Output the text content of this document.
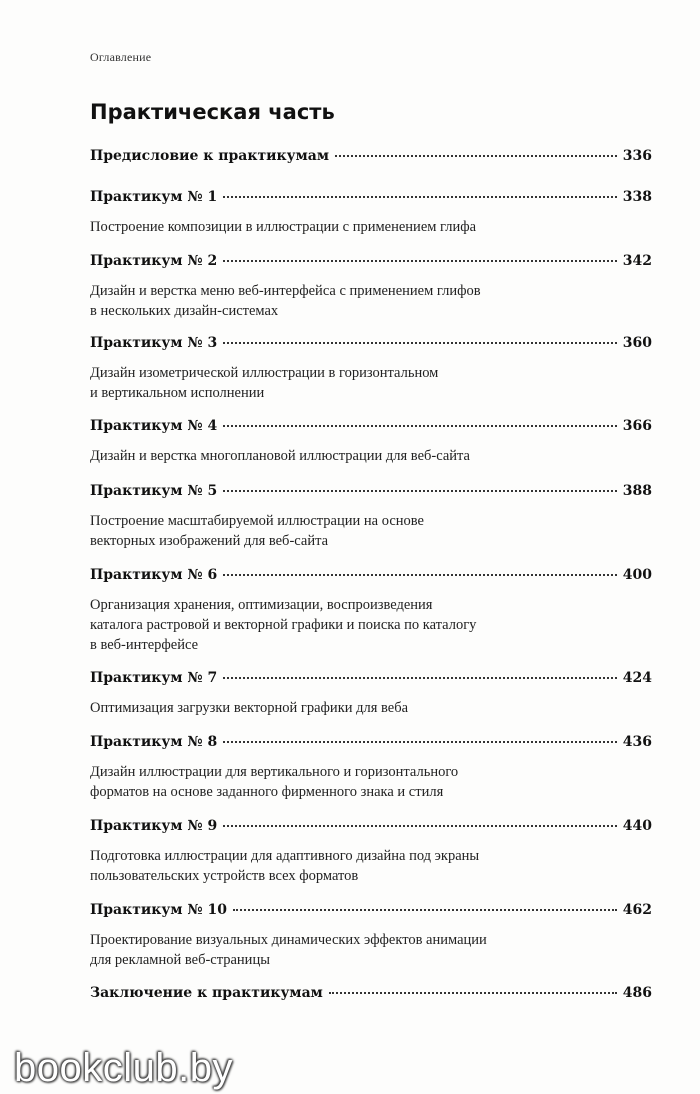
Оглавление
Практическая часть
Предисловие к практикумам	336
Практикум № 1	338
Построение композиции в иллюстрации с применением глифа
Практикум № 2	342
Дизайн и верстка меню веб-интерфейса с применением глифов
в нескольких дизайн-системах
Практикум № 3	360
Дизайн изометрической иллюстрации в горизонтальном
и вертикальном исполнении
Практикум № 4	366
Дизайн и верстка многоплановой иллюстрации для веб-сайта
Практикум № 5	388
Построение масштабируемой иллюстрации на основе
векторных изображений для веб-сайта
Практикум № 6	400
Организация хранения, оптимизации, воспроизведения
каталога растровой и векторной графики и поиска по каталогу
в веб-интерфейсе
Практикум № 7	424
Оптимизация загрузки векторной графики для веба
Практикум № 8	436
Дизайн иллюстрации для вертикального и горизонтального
форматов на основе заданного фирменного знака и стиля
Практикум № 9	440
Подготовка иллюстрации для адаптивного дизайна под экраны
пользовательских устройств всех форматов
Практикум № 10	462
Проектирование визуальных динамических эффектов анимации
для рекламной веб-страницы
Заключение к практикумам	486
bookclub.by
